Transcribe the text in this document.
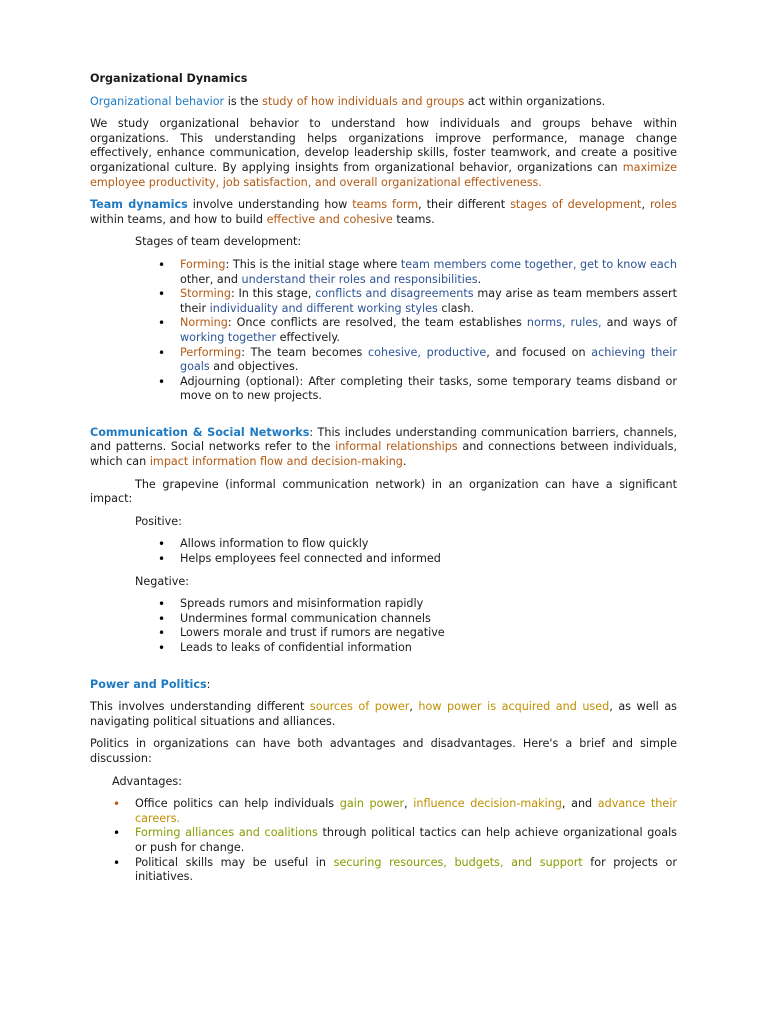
Organizational Dynamics

Organizational behavior is the study of how individuals and groups act within organizations.

We study organizational behavior to understand how individuals and groups behave within organizations. This understanding helps organizations improve performance, manage change effectively, enhance communication, develop leadership skills, foster teamwork, and create a positive organizational culture. By applying insights from organizational behavior, organizations can maximize employee productivity, job satisfaction, and overall organizational effectiveness.

Team dynamics involve understanding how teams form, their different stages of development, roles within teams, and how to build effective and cohesive teams.

Stages of team development:

• Forming: This is the initial stage where team members come together, get to know each other, and understand their roles and responsibilities.
• Storming: In this stage, conflicts and disagreements may arise as team members assert their individuality and different working styles clash.
• Norming: Once conflicts are resolved, the team establishes norms, rules, and ways of working together effectively.
• Performing: The team becomes cohesive, productive, and focused on achieving their goals and objectives.
• Adjourning (optional): After completing their tasks, some temporary teams disband or move on to new projects.

Communication & Social Networks: This includes understanding communication barriers, channels, and patterns. Social networks refer to the informal relationships and connections between individuals, which can impact information flow and decision-making.

The grapevine (informal communication network) in an organization can have a significant impact:

Positive:

• Allows information to flow quickly
• Helps employees feel connected and informed

Negative:

• Spreads rumors and misinformation rapidly
• Undermines formal communication channels
• Lowers morale and trust if rumors are negative
• Leads to leaks of confidential information

Power and Politics:

This involves understanding different sources of power, how power is acquired and used, as well as navigating political situations and alliances.

Politics in organizations can have both advantages and disadvantages. Here's a brief and simple discussion:

Advantages:

• Office politics can help individuals gain power, influence decision-making, and advance their careers.
• Forming alliances and coalitions through political tactics can help achieve organizational goals or push for change.
• Political skills may be useful in securing resources, budgets, and support for projects or initiatives.
